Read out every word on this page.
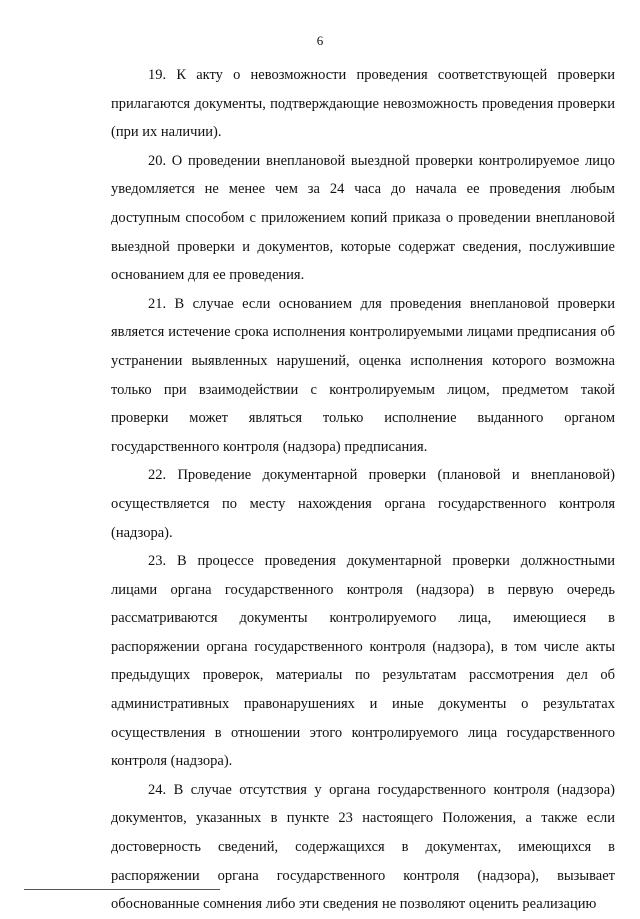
6

19. К акту о невозможности проведения соответствующей проверки прилагаются документы, подтверждающие невозможность проведения проверки (при их наличии).

20. О проведении внеплановой выездной проверки контролируемое лицо уведомляется не менее чем за 24 часа до начала ее проведения любым доступным способом с приложением копий приказа о проведении внеплановой выездной проверки и документов, которые содержат сведения, послужившие основанием для ее проведения.

21. В случае если основанием для проведения внеплановой проверки является истечение срока исполнения контролируемыми лицами предписания об устранении выявленных нарушений, оценка исполнения которого возможна только при взаимодействии с контролируемым лицом, предметом такой проверки может являться только исполнение выданного органом государственного контроля (надзора) предписания.

22. Проведение документарной проверки (плановой и внеплановой) осуществляется по месту нахождения органа государственного контроля (надзора).

23. В процессе проведения документарной проверки должностными лицами органа государственного контроля (надзора) в первую очередь рассматриваются документы контролируемого лица, имеющиеся в распоряжении органа государственного контроля (надзора), в том числе акты предыдущих проверок, материалы по результатам рассмотрения дел об административных правонарушениях и иные документы о результатах осуществления в отношении этого контролируемого лица государственного контроля (надзора).

24. В случае отсутствия у органа государственного контроля (надзора) документов, указанных в пункте 23 настоящего Положения, а также если достоверность сведений, содержащихся в документах, имеющихся в распоряжении органа государственного контроля (надзора), вызывает обоснованные сомнения либо эти сведения не позволяют оценить реализацию
